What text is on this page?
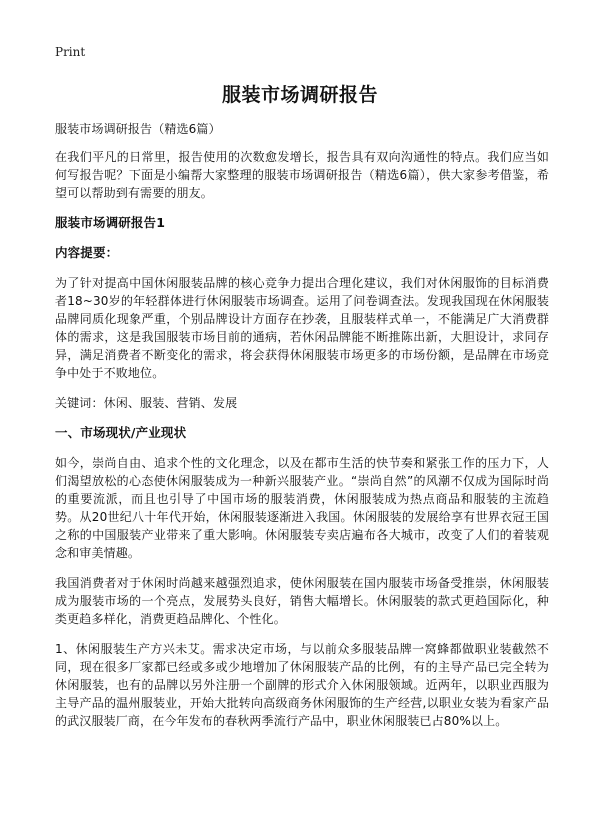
Print
服装市场调研报告

服装市场调研报告（精选6篇）

在我们平凡的日常里，报告使用的次数愈发增长，报告具有双向沟通性的特点。我们应当如何写报告呢？下面是小编帮大家整理的服装市场调研报告（精选6篇），供大家参考借鉴，希望可以帮助到有需要的朋友。

服装市场调研报告1
内容提要：

为了针对提高中国休闲服装品牌的核心竞争力提出合理化建议，我们对休闲服饰的目标消费者18~30岁的年轻群体进行休闲服装市场调查。运用了问卷调查法。发现我国现在休闲服装品牌同质化现象严重，个别品牌设计方面存在抄袭，且服装样式单一，不能满足广大消费群体的需求，这是我国服装市场目前的通病，若休闲品牌能不断推陈出新，大胆设计，求同存异，满足消费者不断变化的需求，将会获得休闲服装市场更多的市场份额，是品牌在市场竞争中处于不败地位。

关键词：休闲、服装、营销、发展

一、市场现状/产业现状

如今，崇尚自由、追求个性的文化理念，以及在都市生活的快节奏和紧张工作的压力下，人们渴望放松的心态使休闲服装成为一种新兴服装产业。“崇尚自然”的风潮不仅成为国际时尚的重要流派，而且也引导了中国市场的服装消费，休闲服装成为热点商品和服装的主流趋势。从20世纪八十年代开始，休闲服装逐渐进入我国。休闲服装的发展给享有世界衣冠王国之称的中国服装产业带来了重大影响。休闲服装专卖店遍布各大城市，改变了人们的着装观念和审美情趣。

我国消费者对于休闲时尚越来越强烈追求，使休闲服装在国内服装市场备受推崇，休闲服装成为服装市场的一个亮点，发展势头良好，销售大幅增长。休闲服装的款式更趋国际化，种类更趋多样化，消费更趋品牌化、个性化。

1、休闲服装生产方兴未艾。需求决定市场，与以前众多服装品牌一窝蜂都做职业装截然不同，现在很多厂家都已经或多或少地增加了休闲服装产品的比例，有的主导产品已完全转为休闲服装，也有的品牌以另外注册一个副牌的形式介入休闲服领域。近两年，以职业西服为主导产品的温州服装业，开始大批转向高级商务休闲服饰的生产经营,以职业女装为看家产品的武汉服装厂商，在今年发布的春秋两季流行产品中，职业休闲服装已占80%以上。
